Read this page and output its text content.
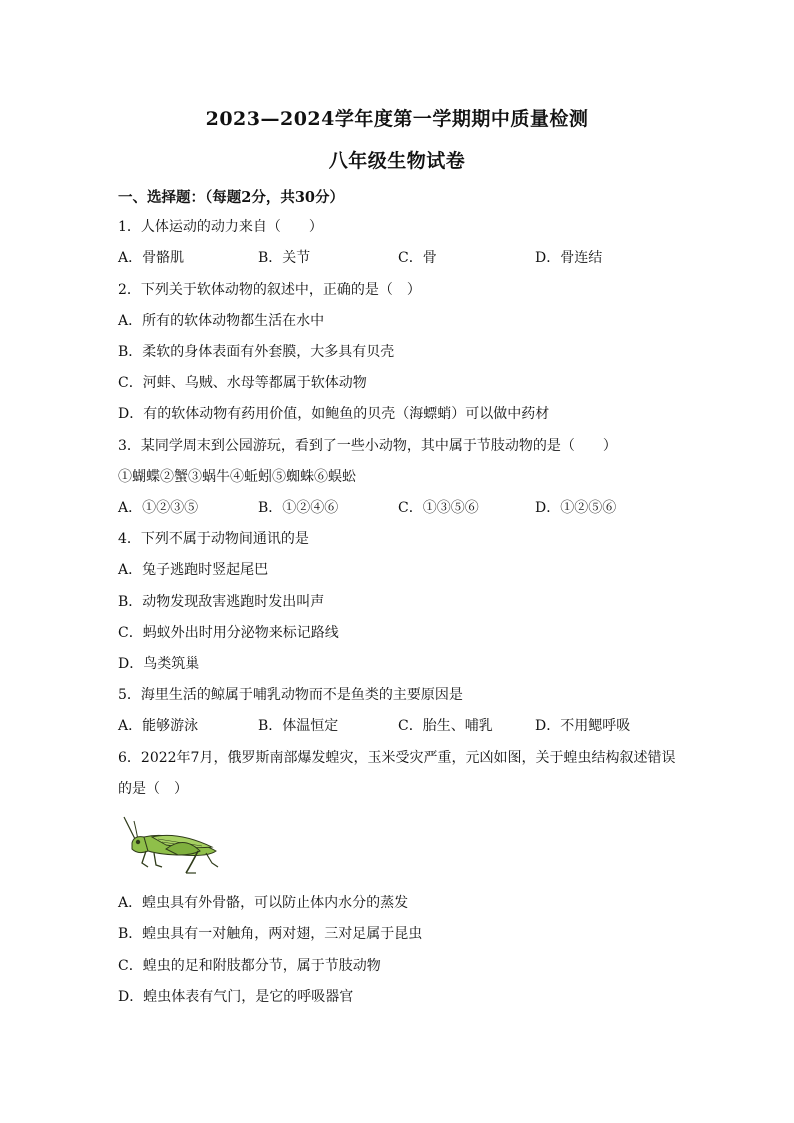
2023—2024学年度第一学期期中质量检测
八年级生物试卷
一、选择题：（每题2分，共30分）
1．人体运动的动力来自（　　）
A．骨骼肌	B．关节	C．骨	D．骨连结
2．下列关于软体动物的叙述中，正确的是（　）
A．所有的软体动物都生活在水中
B．柔软的身体表面有外套膜，大多具有贝壳
C．河蚌、乌贼、水母等都属于软体动物
D．有的软体动物有药用价值，如鲍鱼的贝壳（海螵蛸）可以做中药材
3．某同学周末到公园游玩，看到了一些小动物，其中属于节肢动物的是（　　）
①蝴蝶②蟹③蜗牛④蚯蚓⑤蜘蛛⑥蜈蚣
A．①②③⑤	B．①②④⑥	C．①③⑤⑥	D．①②⑤⑥
4．下列不属于动物间通讯的是
A．兔子逃跑时竖起尾巴
B．动物发现敌害逃跑时发出叫声
C．蚂蚁外出时用分泌物来标记路线
D．鸟类筑巢
5．海里生活的鲸属于哺乳动物而不是鱼类的主要原因是
A．能够游泳	B．体温恒定	C．胎生、哺乳	D．不用鳃呼吸
6．2022年7月，俄罗斯南部爆发蝗灾，玉米受灾严重，元凶如图，关于蝗虫结构叙述错误
的是（　）
A．蝗虫具有外骨骼，可以防止体内水分的蒸发
B．蝗虫具有一对触角，两对翅，三对足属于昆虫
C．蝗虫的足和附肢都分节，属于节肢动物
D．蝗虫体表有气门，是它的呼吸器官
